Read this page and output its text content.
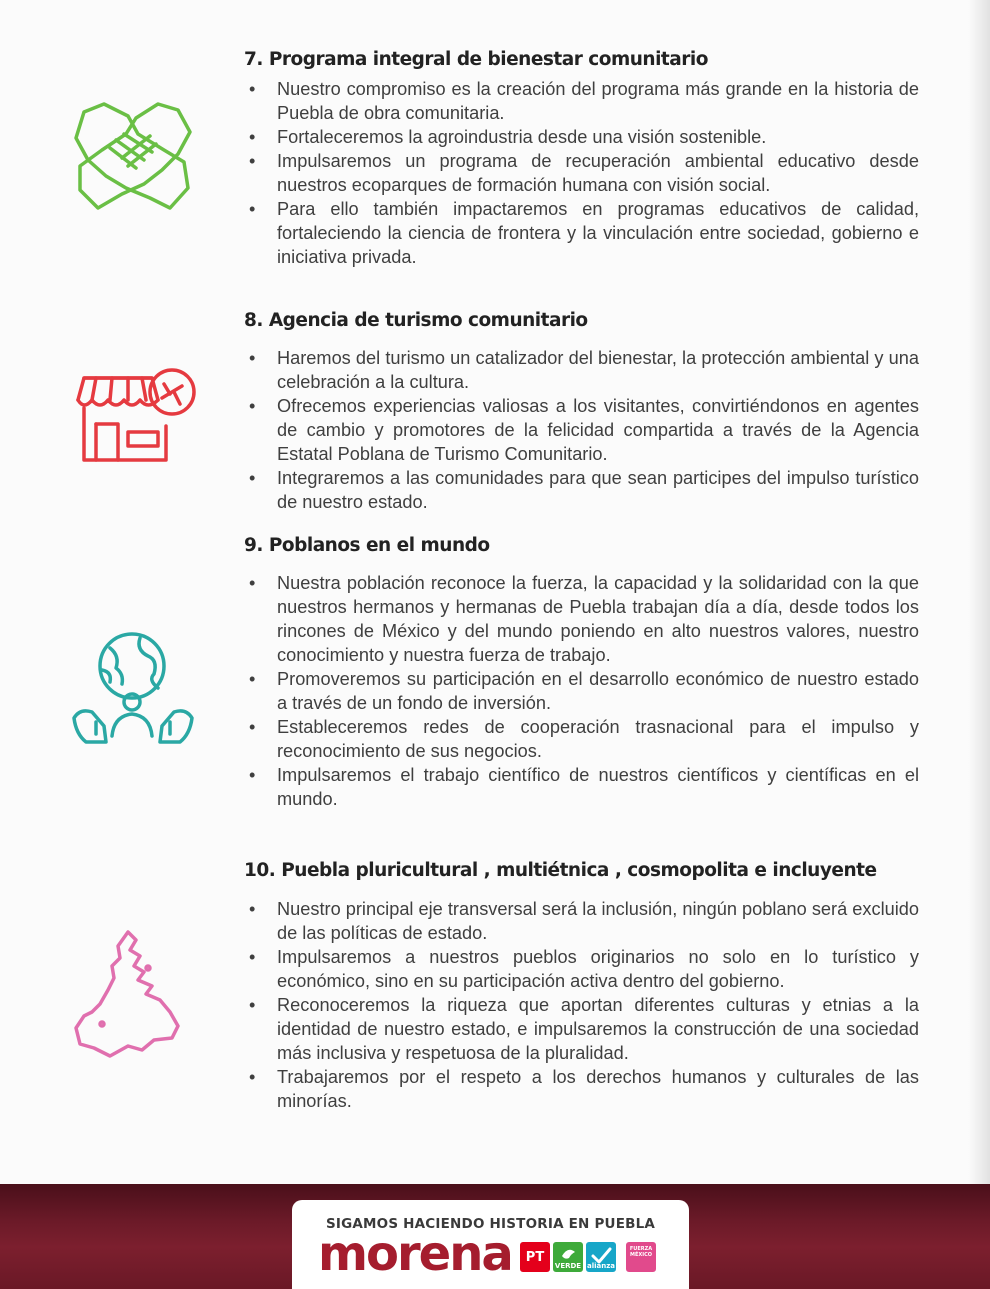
7. Programa integral de bienestar comunitario
• Nuestro compromiso es la creación del programa más grande en la historia de Puebla de obra comunitaria.
• Fortaleceremos la agroindustria desde una visión sostenible.
• Impulsaremos un programa de recuperación ambiental educativo desde nuestros ecoparques de formación humana con visión social.
• Para ello también impactaremos en programas educativos de calidad, fortaleciendo la ciencia de frontera y la vinculación entre sociedad, gobierno e iniciativa privada.
8. Agencia de turismo comunitario
• Haremos del turismo un catalizador del bienestar, la protección ambiental y una celebración a la cultura.
• Ofrecemos experiencias valiosas a los visitantes, convirtiéndonos en agentes de cambio y promotores de la felicidad compartida a través de la Agencia Estatal Poblana de Turismo Comunitario.
• Integraremos a las comunidades para que sean participes del impulso turístico de nuestro estado.
9. Poblanos en el mundo
• Nuestra población reconoce la fuerza, la capacidad y la solidaridad con la que nuestros hermanos y hermanas de Puebla trabajan día a día, desde todos los rincones de México y del mundo poniendo en alto nuestros valores, nuestro conocimiento y nuestra fuerza de trabajo.
• Promoveremos su participación en el desarrollo económico de nuestro estado a través de un fondo de inversión.
• Estableceremos redes de cooperación trasnacional para el impulso y reconocimiento de sus negocios.
• Impulsaremos el trabajo científico de nuestros científicos y científicas en el mundo.
10. Puebla pluricultural , multiétnica , cosmopolita e incluyente
• Nuestro principal eje transversal será la inclusión, ningún poblano será excluido de las políticas de estado.
• Impulsaremos a nuestros pueblos originarios no solo en lo turístico y económico, sino en su participación activa dentro del gobierno.
• Reconoceremos la riqueza que aportan diferentes culturas y etnias a la identidad de nuestro estado, e impulsaremos la construcción de una sociedad más inclusiva y respetuosa de la pluralidad.
• Trabajaremos por el respeto a los derechos humanos y culturales de las minorías.
SIGAMOS HACIENDO HISTORIA EN PUEBLA
morena	PT
VERDE alianza
FUERZA MÉXICO
